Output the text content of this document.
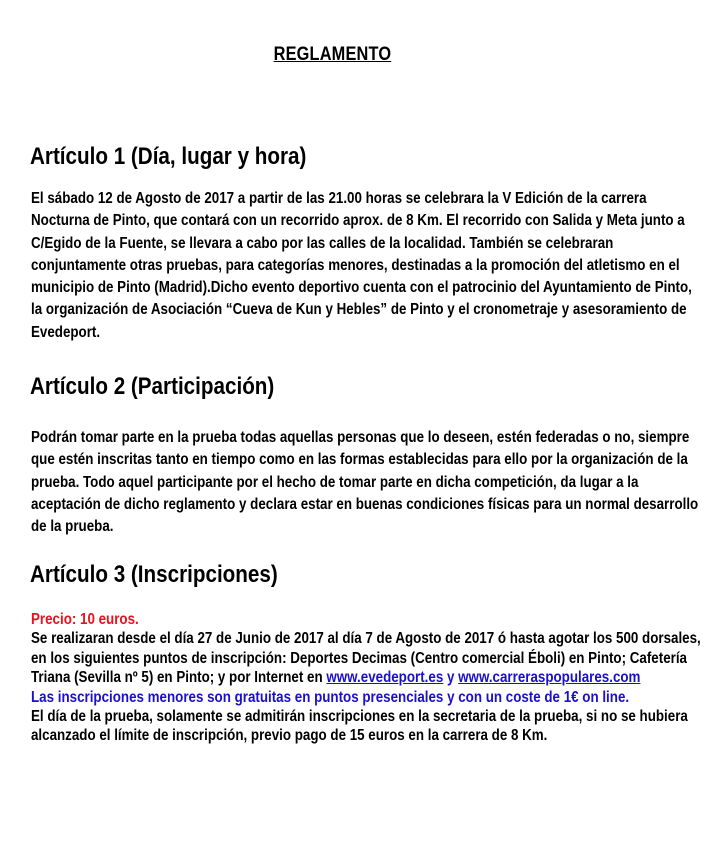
REGLAMENTO
Artículo 1 (Día, lugar y hora)

El sábado 12 de Agosto de 2017 a partir de las 21.00 horas se celebrara la V Edición de la carrera Nocturna de Pinto, que contará con un recorrido aprox. de 8 Km. El recorrido con Salida y Meta junto a C/Egido de la Fuente, se llevara a cabo por las calles de la localidad. También se celebraran conjuntamente otras pruebas, para categorías menores, destinadas a la promoción del atletismo en el municipio de Pinto (Madrid).Dicho evento deportivo cuenta con el patrocinio del Ayuntamiento de Pinto, la organización de Asociación “Cueva de Kun y Hebles” de Pinto y el cronometraje y asesoramiento de Evedeport.

Artículo 2 (Participación)

Podrán tomar parte en la prueba todas aquellas personas que lo deseen, estén federadas o no, siempre que estén inscritas tanto en tiempo como en las formas establecidas para ello por la organización de la prueba. Todo aquel participante por el hecho de tomar parte en dicha competición, da lugar a la aceptación de dicho reglamento y declara estar en buenas condiciones físicas para un normal desarrollo de la prueba.

Artículo 3 (Inscripciones)

Precio: 10 euros.

Se realizaran desde el día 27 de Junio de 2017 al día 7 de Agosto de 2017 ó hasta agotar los 500 dorsales, en los siguientes puntos de inscripción: Deportes Decimas (Centro comercial Éboli) en Pinto; Cafetería Triana (Sevilla nº 5) en Pinto; y por Internet en www.evedeport.es y www.carreraspopulares.com

Las inscripciones menores son gratuitas en puntos presenciales y con un coste de 1€ on line.

El día de la prueba, solamente se admitirán inscripciones en la secretaria de la prueba, si no se hubiera alcanzado el límite de inscripción, previo pago de 15 euros en la carrera de 8 Km.
